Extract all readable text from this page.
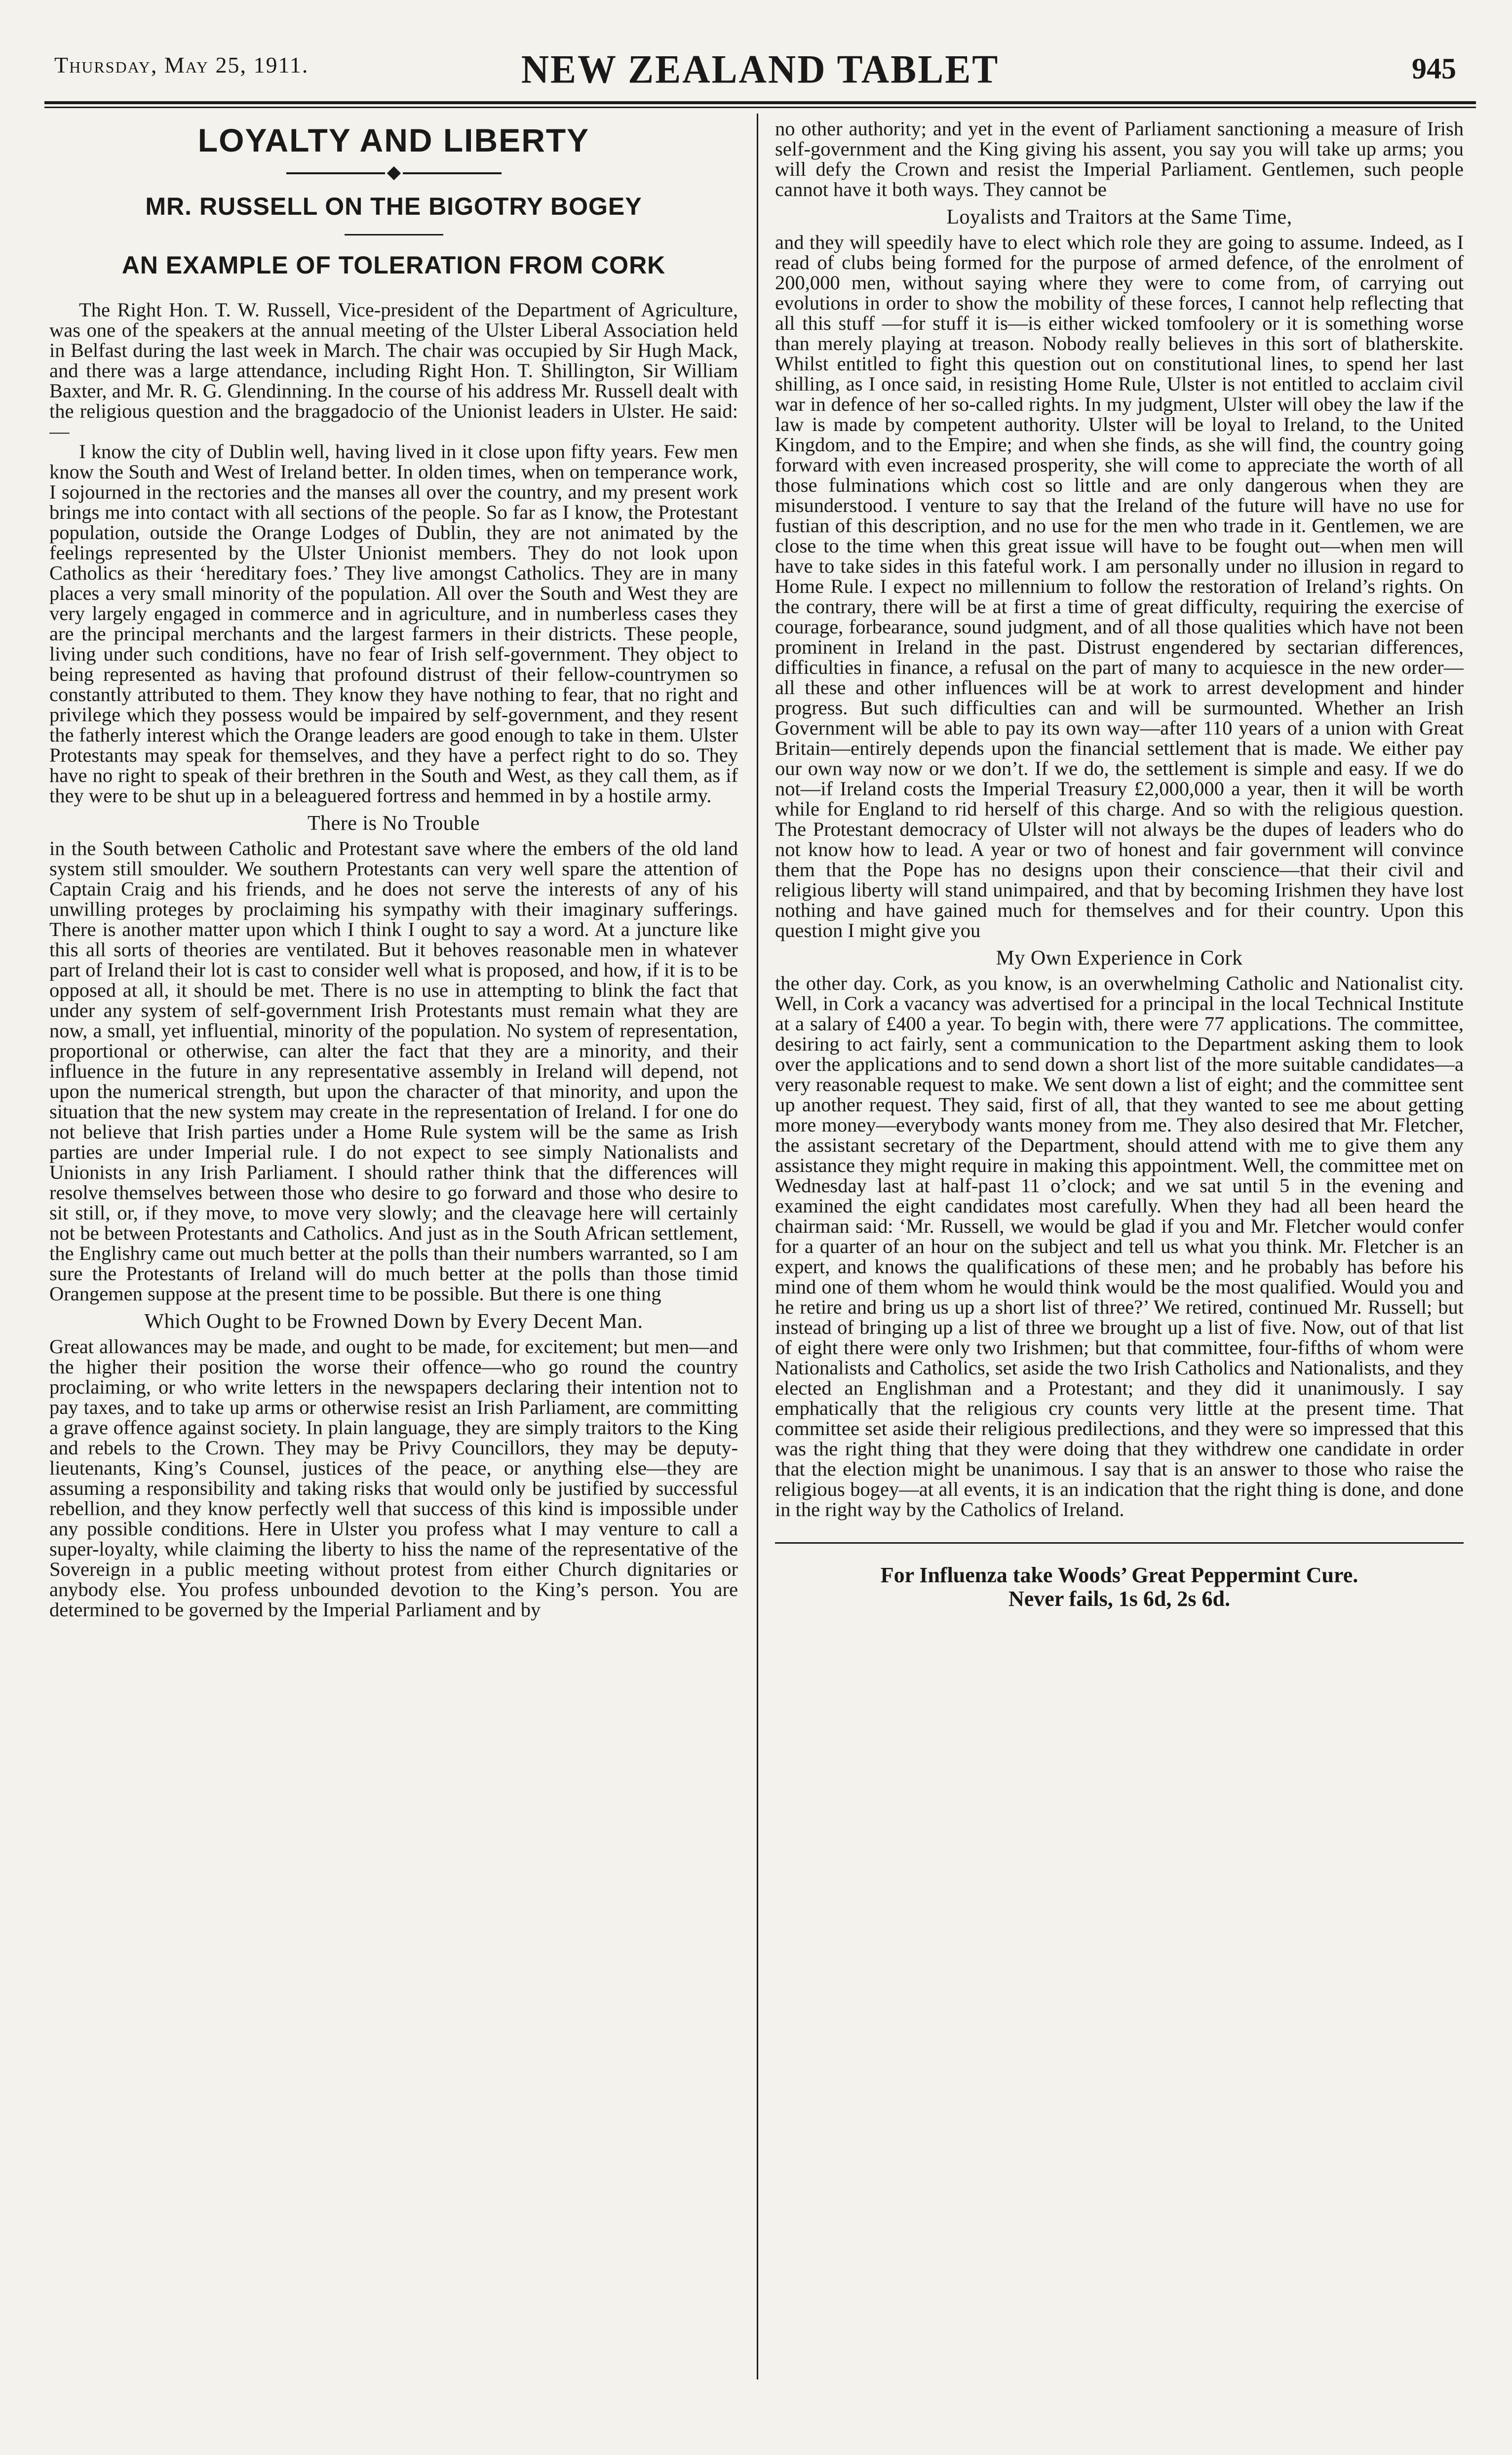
Thursday, May 25, 1911.	NEW ZEALAND TABLET	945
LOYALTY AND LIBERTY
MR. RUSSELL ON THE BIGOTRY BOGEY
AN EXAMPLE OF TOLERATION FROM CORK

The Right Hon. T. W. Russell, Vice-president of the Department of Agriculture, was one of the speakers at the annual meeting of the Ulster Liberal Association held in Belfast during the last week in March. The chair was occupied by Sir Hugh Mack, and there was a large attendance, including Right Hon. T. Shillington, Sir William Baxter, and Mr. R. G. Glendinning. In the course of his address Mr. Russell dealt with the religious question and the braggadocio of the Unionist leaders in Ulster. He said:—

I know the city of Dublin well, having lived in it close upon fifty years. Few men know the South and West of Ireland better. In olden times, when on temperance work, I sojourned in the rectories and the manses all over the country, and my present work brings me into contact with all sections of the people. So far as I know, the Protestant population, outside the Orange Lodges of Dublin, they are not animated by the feelings represented by the Ulster Unionist members. They do not look upon Catholics as their ‘hereditary foes.’ They live amongst Catholics. They are in many places a very small minority of the population. All over the South and West they are very largely engaged in commerce and in agriculture, and in numberless cases they are the principal merchants and the largest farmers in their districts. These people, living under such conditions, have no fear of Irish self-government. They object to being represented as having that profound distrust of their fellow-countrymen so constantly attributed to them. They know they have nothing to fear, that no right and privilege which they possess would be impaired by self-government, and they resent the fatherly interest which the Orange leaders are good enough to take in them. Ulster Protestants may speak for themselves, and they have a perfect right to do so. They have no right to speak of their brethren in the South and West, as they call them, as if they were to be shut up in a beleaguered fortress and hemmed in by a hostile army.

There is No Trouble

in the South between Catholic and Protestant save where the embers of the old land system still smoulder. We southern Protestants can very well spare the attention of Captain Craig and his friends, and he does not serve the interests of any of his unwilling proteges by proclaiming his sympathy with their imaginary sufferings. There is another matter upon which I think I ought to say a word. At a juncture like this all sorts of theories are ventilated. But it behoves reasonable men in whatever part of Ireland their lot is cast to consider well what is proposed, and how, if it is to be opposed at all, it should be met. There is no use in attempting to blink the fact that under any system of self-government Irish Protestants must remain what they are now, a small, yet influential, minority of the population. No system of representation, proportional or otherwise, can alter the fact that they are a minority, and their influence in the future in any representative assembly in Ireland will depend, not upon the numerical strength, but upon the character of that minority, and upon the situation that the new system may create in the representation of Ireland. I for one do not believe that Irish parties under a Home Rule system will be the same as Irish parties are under Imperial rule. I do not expect to see simply Nationalists and Unionists in any Irish Parliament. I should rather think that the differences will resolve themselves between those who desire to go forward and those who desire to sit still, or, if they move, to move very slowly; and the cleavage here will certainly not be between Protestants and Catholics. And just as in the South African settlement, the Englishry came out much better at the polls than their numbers warranted, so I am sure the Protestants of Ireland will do much better at the polls than those timid Orangemen suppose at the present time to be possible. But there is one thing

Which Ought to be Frowned Down by Every Decent Man.

Great allowances may be made, and ought to be made, for excitement; but men—and the higher their position the worse their offence—who go round the country proclaiming, or who write letters in the newspapers declaring their intention not to pay taxes, and to take up arms or otherwise resist an Irish Parliament, are committing a grave offence against society. In plain language, they are simply traitors to the King and rebels to the Crown. They may be Privy Councillors, they may be deputy-lieutenants, King’s Counsel, justices of the peace, or anything else—they are assuming a responsibility and taking risks that would only be justified by successful rebellion, and they know perfectly well that success of this kind is impossible under any possible conditions. Here in Ulster you profess what I may venture to call a super-loyalty, while claiming the liberty to hiss the name of the representative of the Sovereign in a public meeting without protest from either Church dignitaries or anybody else. You profess unbounded devotion to the King’s person. You are determined to be governed by the Imperial Parliament and by

no other authority; and yet in the event of Parliament sanctioning a measure of Irish self-government and the King giving his assent, you say you will take up arms; you will defy the Crown and resist the Imperial Parliament. Gentlemen, such people cannot have it both ways. They cannot be

Loyalists and Traitors at the Same Time,

and they will speedily have to elect which role they are going to assume. Indeed, as I read of clubs being formed for the purpose of armed defence, of the enrolment of 200,000 men, without saying where they were to come from, of carrying out evolutions in order to show the mobility of these forces, I cannot help reflecting that all this stuff —for stuff it is—is either wicked tomfoolery or it is something worse than merely playing at treason. Nobody really believes in this sort of blatherskite. Whilst entitled to fight this question out on constitutional lines, to spend her last shilling, as I once said, in resisting Home Rule, Ulster is not entitled to acclaim civil war in defence of her so-called rights. In my judgment, Ulster will obey the law if the law is made by competent authority. Ulster will be loyal to Ireland, to the United Kingdom, and to the Empire; and when she finds, as she will find, the country going forward with even increased prosperity, she will come to appreciate the worth of all those fulminations which cost so little and are only dangerous when they are misunderstood. I venture to say that the Ireland of the future will have no use for fustian of this description, and no use for the men who trade in it. Gentlemen, we are close to the time when this great issue will have to be fought out—when men will have to take sides in this fateful work. I am personally under no illusion in regard to Home Rule. I expect no millennium to follow the restoration of Ireland’s rights. On the contrary, there will be at first a time of great difficulty, requiring the exercise of courage, forbearance, sound judgment, and of all those qualities which have not been prominent in Ireland in the past. Distrust engendered by sectarian differences, difficulties in finance, a refusal on the part of many to acquiesce in the new order—all these and other influences will be at work to arrest development and hinder progress. But such difficulties can and will be surmounted. Whether an Irish Government will be able to pay its own way—after 110 years of a union with Great Britain—entirely depends upon the financial settlement that is made. We either pay our own way now or we don’t. If we do, the settlement is simple and easy. If we do not—if Ireland costs the Imperial Treasury £2,000,000 a year, then it will be worth while for England to rid herself of this charge. And so with the religious question. The Protestant democracy of Ulster will not always be the dupes of leaders who do not know how to lead. A year or two of honest and fair government will convince them that the Pope has no designs upon their conscience—that their civil and religious liberty will stand unimpaired, and that by becoming Irishmen they have lost nothing and have gained much for themselves and for their country. Upon this question I might give you

My Own Experience in Cork

the other day. Cork, as you know, is an overwhelming Catholic and Nationalist city. Well, in Cork a vacancy was advertised for a principal in the local Technical Institute at a salary of £400 a year. To begin with, there were 77 applications. The committee, desiring to act fairly, sent a communication to the Department asking them to look over the applications and to send down a short list of the more suitable candidates—a very reasonable request to make. We sent down a list of eight; and the committee sent up another request. They said, first of all, that they wanted to see me about getting more money—everybody wants money from me. They also desired that Mr. Fletcher, the assistant secretary of the Department, should attend with me to give them any assistance they might require in making this appointment. Well, the committee met on Wednesday last at half-past 11 o’clock; and we sat until 5 in the evening and examined the eight candidates most carefully. When they had all been heard the chairman said: ‘Mr. Russell, we would be glad if you and Mr. Fletcher would confer for a quarter of an hour on the subject and tell us what you think. Mr. Fletcher is an expert, and knows the qualifications of these men; and he probably has before his mind one of them whom he would think would be the most qualified. Would you and he retire and bring us up a short list of three?’ We retired, continued Mr. Russell; but instead of bringing up a list of three we brought up a list of five. Now, out of that list of eight there were only two Irishmen; but that committee, four-fifths of whom were Nationalists and Catholics, set aside the two Irish Catholics and Nationalists, and they elected an Englishman and a Protestant; and they did it unanimously. I say emphatically that the religious cry counts very little at the present time. That committee set aside their religious predilections, and they were so impressed that this was the right thing that they were doing that they withdrew one candidate in order that the election might be unanimous. I say that is an answer to those who raise the religious bogey—at all events, it is an indication that the right thing is done, and done in the right way by the Catholics of Ireland.

For Influenza take Woods’ Great Peppermint Cure.
Never fails, 1s 6d, 2s 6d.
